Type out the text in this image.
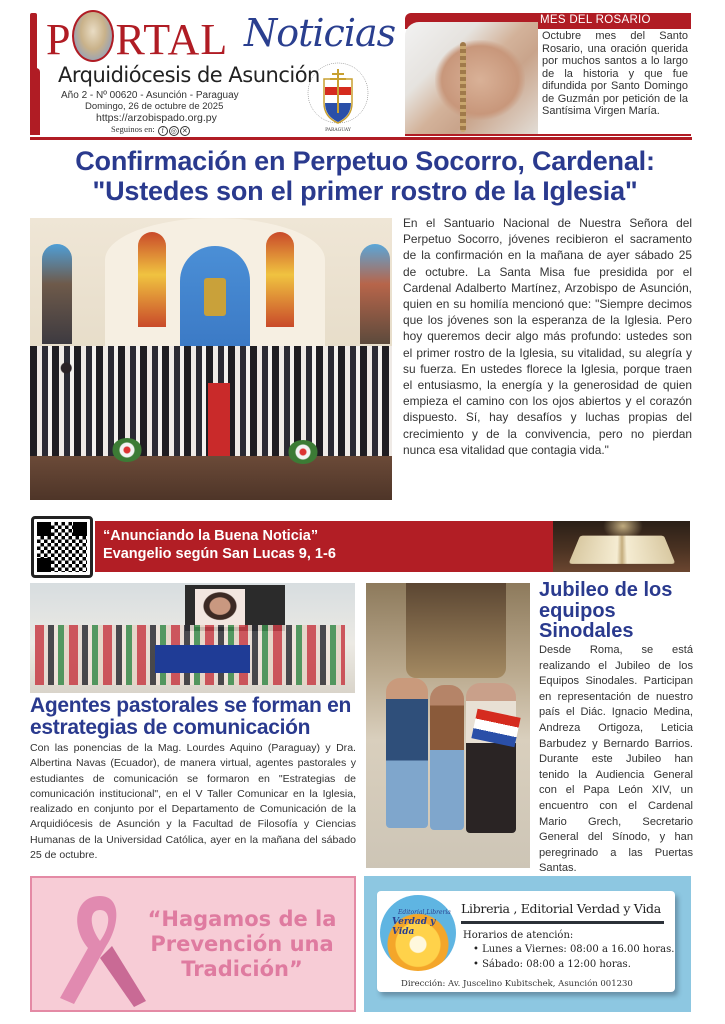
P RTAL Noticias
Arquidiócesis de Asunción
Año 2 - Nº 00620 - Asunción - Paraguay
Domingo, 26 de octubre de 2025
https://arzobispado.org.py
Seguinos en: f ◎ ✕	PARAGUAY
MES DEL ROSARIO
Octubre mes del Santo Rosario, una oración querida por muchos santos a lo largo de la historia y que fue difundida por Santo Domingo de Guzmán por petición de la Santísima Virgen María.
Confirmación en Perpetuo Socorro, Cardenal:
"Ustedes son el primer rostro de la Iglesia"
En el Santuario Nacional de Nuestra Señora del Perpetuo Socorro, jóvenes recibieron el sacramento de la confirmación en la mañana de ayer sábado 25 de octubre. La Santa Misa fue presidida por el Cardenal Adalberto Martínez, Arzobispo de Asunción, quien en su homilía mencionó que: "Siempre decimos que los jóvenes son la esperanza de la Iglesia. Pero hoy queremos decir algo más profundo: ustedes son el primer rostro de la Iglesia, su vitalidad, su alegría y su fuerza. En ustedes florece la Iglesia, porque traen el entusiasmo, la energía y la generosidad de quien empieza el camino con los ojos abiertos y el corazón dispuesto. Sí, hay desafíos y luchas propias del crecimiento y de la convivencia, pero no pierdan nunca esa vitalidad que contagia vida."
“Anunciando la Buena Noticia”
Evangelio según San Lucas 9, 1-6
Agentes pastorales se forman en estrategias de comunicación
Con las ponencias de la Mag. Lourdes Aquino (Paraguay) y Dra. Albertina Navas (Ecuador), de manera virtual, agentes pastorales y estudiantes de comunicación se formaron en "Estrategias de comunicación institucional", en el V Taller Comunicar en la Iglesia, realizado en conjunto por el Departamento de Comunicación de la Arquidiócesis de Asunción y la Facultad de Filosofía y Ciencias Humanas de la Universidad Católica, ayer en la mañana del sábado 25 de octubre.
Jubileo de los equipos Sinodales
Desde Roma, se está realizando el Jubileo de los Equipos Sinodales. Participan en representación de nuestro país el Diác. Ignacio Medina, Andreza Ortigoza, Leticia Barbudez y Bernardo Barrios. Durante este Jubileo han tenido la Audiencia General con el Papa León XIV, un encuentro con el Cardenal Mario Grech, Secretario General del Sínodo, y han peregrinado a las Puertas Santas.
“Hagamos de la Prevención una Tradición”
Editorial,Libreria
Verdad y Vida
Libreria , Editorial Verdad y Vida
Horarios de atención:
• Lunes a Viernes: 08:00 a 16.00 horas.
• Sábado: 08:00 a 12:00 horas.
Dirección: Av. Juscelino Kubitschek, Asunción 001230
